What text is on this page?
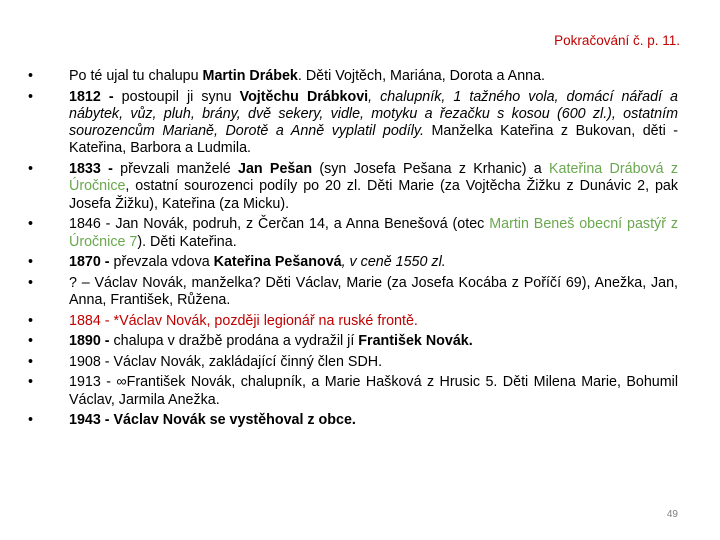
Pokračování č. p. 11.
• Po té ujal tu chalupu Martin Drábek. Děti Vojtěch, Mariána, Dorota a Anna.
• 1812 - postoupil ji synu Vojtěchu Drábkovi, chalupník, 1 tažného vola, domácí nářadí a nábytek, vůz, pluh, brány, dvě sekery, vidle, motyku a řezačku s kosou (600 zl.), ostatním sourozencům Marianě, Dorotě a Anně vyplatil podíly. Manželka Kateřina z Bukovan, děti - Kateřina, Barbora a Ludmila.
• 1833 - převzali manželé Jan Pešan (syn Josefa Pešana z Krhanic) a Kateřina Drábová z Úročnice, ostatní sourozenci podíly po 20 zl. Děti Marie (za Vojtěcha Žižku z Dunávic 2, pak Josefa Žižku), Kateřina (za Micku).
• 1846 - Jan Novák, podruh, z Čerčan 14, a Anna Benešová (otec Martin Beneš obecní pastýř z Úročnice 7). Děti Kateřina.
• 1870 - převzala vdova Kateřina Pešanová, v ceně 1550 zl.
• ? – Václav Novák, manželka? Děti Václav, Marie (za Josefa Kocába z Poříčí 69), Anežka, Jan, Anna, František, Růžena.
• 1884 - *Václav Novák, později legionář na ruské frontě.
• 1890 - chalupa v dražbě prodána a vydražil jí František Novák.
• 1908 - Václav Novák, zakládající činný člen SDH.
• 1913 - ∞František Novák, chalupník, a Marie Hašková z Hrusic 5. Děti Milena Marie, Bohumil Václav, Jarmila Anežka.
• 1943 - Václav Novák se vystěhoval z obce.
49
